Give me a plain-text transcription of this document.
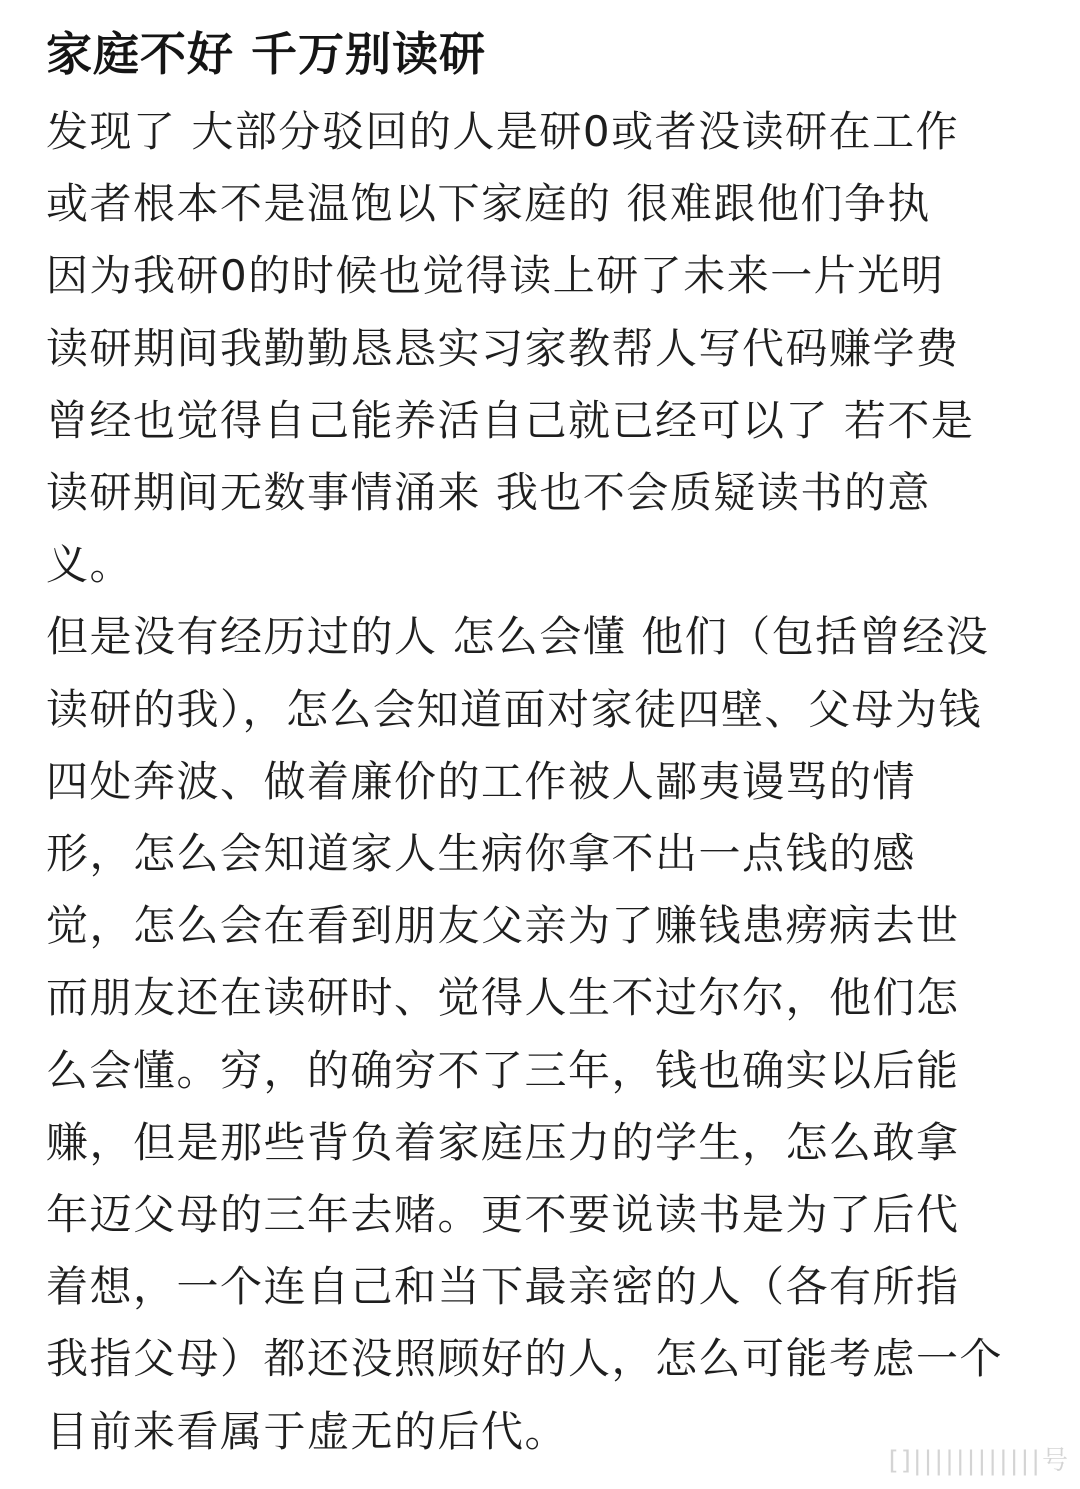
家庭不好 千万别读研

发现了 大部分驳回的人是研0或者没读研在工作

或者根本不是温饱以下家庭的 很难跟他们争执

因为我研0的时候也觉得读上研了未来一片光明

读研期间我勤勤恳恳实习家教帮人写代码赚学费

曾经也觉得自己能养活自己就已经可以了 若不是

读研期间无数事情涌来 我也不会质疑读书的意

义。

但是没有经历过的人 怎么会懂 他们（包括曾经没

读研的我），怎么会知道面对家徒四壁、父母为钱

四处奔波、做着廉价的工作被人鄙夷谩骂的情

形，怎么会知道家人生病你拿不出一点钱的感

觉，怎么会在看到朋友父亲为了赚钱患痨病去世

而朋友还在读研时、觉得人生不过尔尔，他们怎

么会懂。穷，的确穷不了三年，钱也确实以后能

赚，但是那些背负着家庭压力的学生，怎么敢拿

年迈父母的三年去赌。更不要说读书是为了后代

着想，一个连自己和当下最亲密的人（各有所指

我指父母）都还没照顾好的人，怎么可能考虑一个

目前来看属于虚无的后代。

[]||||||||||||号
